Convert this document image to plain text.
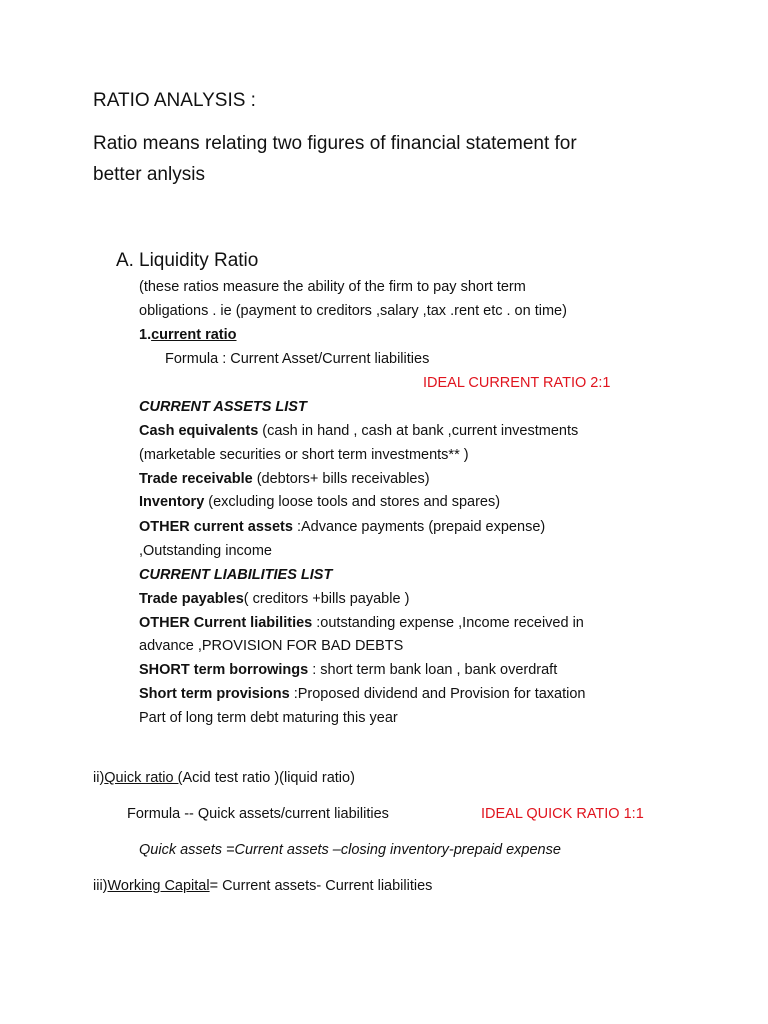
RATIO ANALYSIS :
Ratio means relating two figures of financial statement for
better anlysis
A. Liquidity Ratio
(these ratios measure the ability of the firm to pay short term
obligations . ie (payment to creditors ,salary ,tax .rent etc . on time)
1.current ratio
Formula : Current Asset/Current liabilities
IDEAL CURRENT RATIO 2:1
CURRENT ASSETS LIST
Cash equivalents (cash in hand , cash at bank ,current investments
(marketable securities or short term investments** )
Trade receivable (debtors+ bills receivables)
Inventory (excluding loose tools and stores and spares)
OTHER current assets :Advance payments (prepaid expense)
,Outstanding income
CURRENT LIABILITIES LIST
Trade payables( creditors +bills payable )
OTHER Current liabilities :outstanding expense ,Income received in
advance ,PROVISION FOR BAD DEBTS
SHORT term borrowings : short term bank loan , bank overdraft
Short term provisions :Proposed dividend and Provision for taxation
Part of long term debt maturing this year
ii)Quick ratio (Acid test ratio )(liquid ratio)
Formula -- Quick assets/current liabilities	IDEAL QUICK RATIO 1:1
Quick assets =Current assets –closing inventory-prepaid expense
iii)Working Capital= Current assets- Current liabilities
